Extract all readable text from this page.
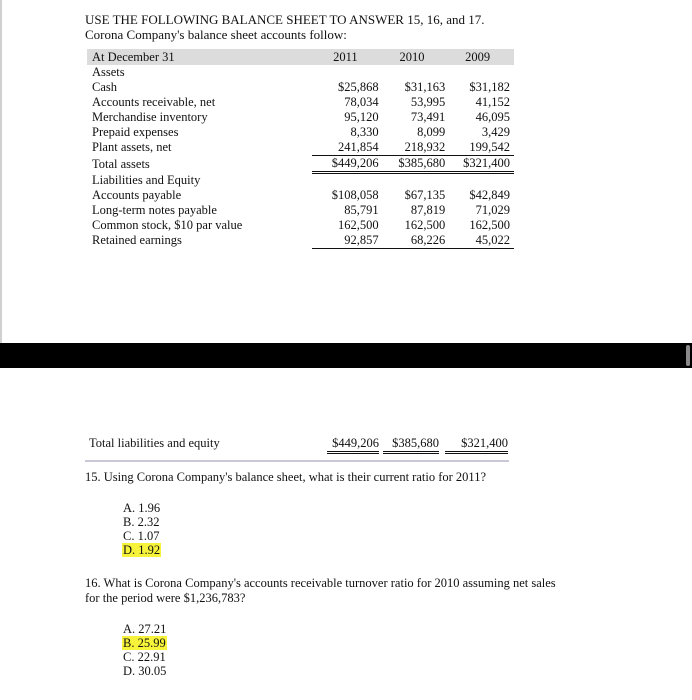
USE THE FOLLOWING BALANCE SHEET TO ANSWER 15, 16, and 17.
Corona Company's balance sheet accounts follow:
At December 31	2011	2010	2009
Assets			
Cash	$25,868	$31,163	$31,182
Accounts receivable, net	78,034	53,995	41,152
Merchandise inventory	95,120	73,491	46,095
Prepaid expenses	8,330	8,099	3,429
Plant assets, net	241,854	218,932	199,542
Total assets	$449,206	$385,680	$321,400
Liabilities and Equity			
Accounts payable	$108,058	$67,135	$42,849
Long-term notes payable	85,791	87,819	71,029
Common stock, $10 par value	162,500	162,500	162,500
Retained earnings	92,857	68,226	45,022
Total liabilities and equity	$449,206	$385,680	$321,400
15. Using Corona Company's balance sheet, what is their current ratio for 2011?
A. 1.96
B. 2.32
C. 1.07
D. 1.92
16. What is Corona Company's accounts receivable turnover ratio for 2010 assuming net sales
for the period were $1,236,783?
A. 27.21
B. 25.99
C. 22.91
D. 30.05
